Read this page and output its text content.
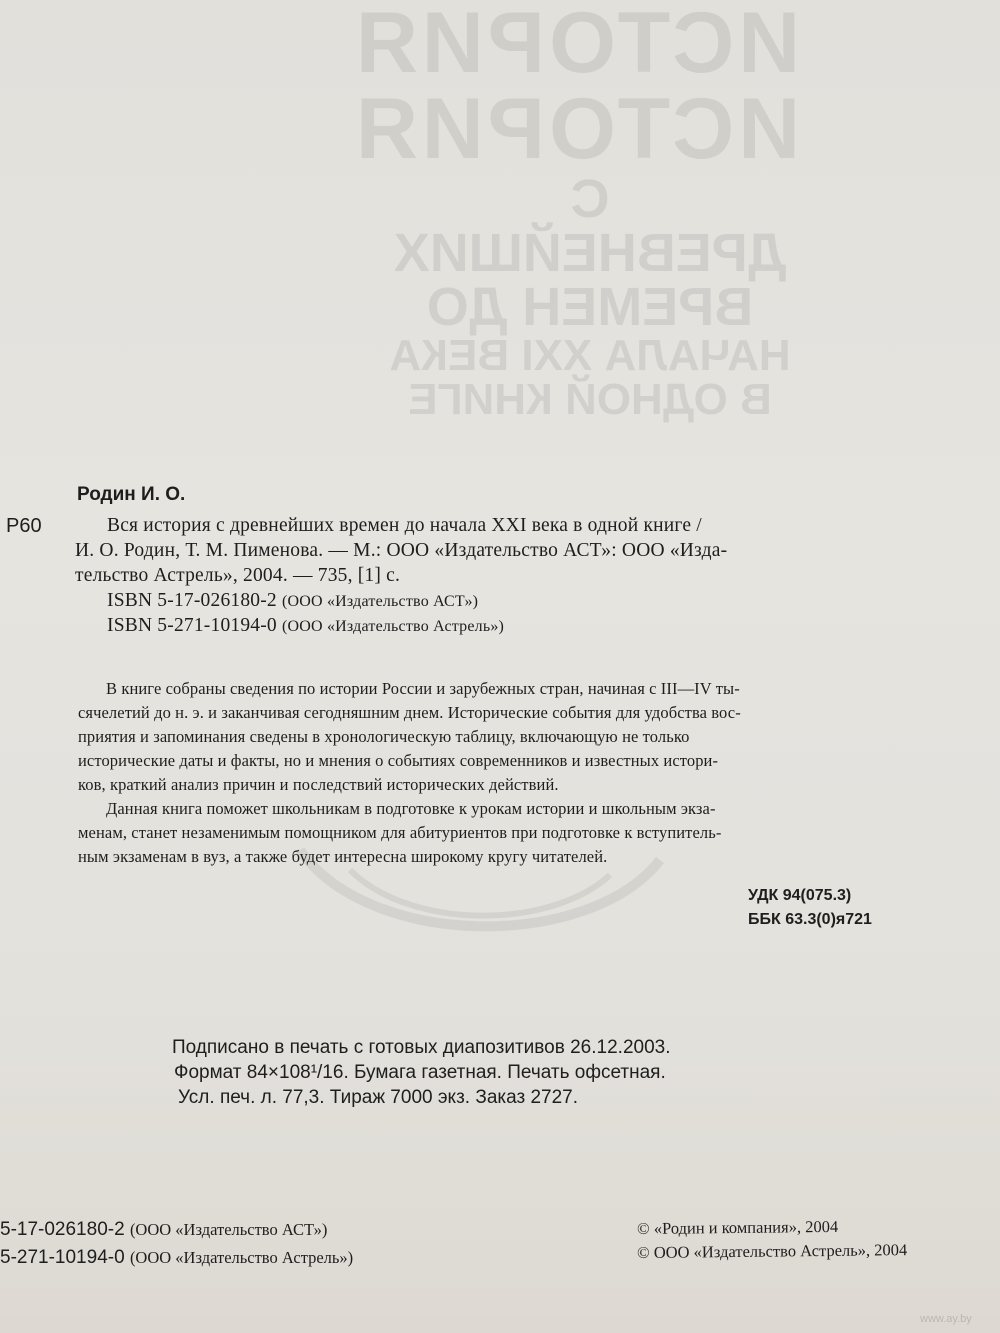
ИСТОРИЯ
ИСТОРИЯ
С ДРЕВНЕЙШИХ
ВРЕМЕН ДО
НАЧАЛА XXI ВЕКА
В ОДНОЙ КНИГЕ
Родин И. О.
Р60	Вся история с древнейших времен до начала XXI века в одной книге /
И. О. Родин, Т. М. Пименова. — М.: ООО «Издательство АСТ»: ООО «Изда-
тельство Астрель», 2004. — 735, [1] с.
ISBN 5-17-026180-2 (ООО «Издательство АСТ»)
ISBN 5-271-10194-0 (ООО «Издательство Астрель»)
В книге собраны сведения по истории России и зарубежных стран, начиная с III—IV ты-
сячелетий до н. э. и заканчивая сегодняшним днем. Исторические события для удобства вос-
приятия и запоминания сведены в хронологическую таблицу, включающую не только
исторические даты и факты, но и мнения о событиях современников и известных истори-
ков, краткий анализ причин и последствий исторических действий.
Данная книга поможет школьникам в подготовке к урокам истории и школьным экза-
менам, станет незаменимым помощником для абитуриентов при подготовке к вступитель-
ным экзаменам в вуз, а также будет интересна широкому кругу читателей.
УДК 94(075.3)
ББК 63.3(0)я721
Подписано в печать с готовых диапозитивов 26.12.2003.
Формат 84×108¹/16. Бумага газетная. Печать офсетная.
Усл. печ. л. 77,3. Тираж 7000 экз. Заказ 2727.
5-17-026180-2 (ООО «Издательство АСТ»)
5-271-10194-0 (ООО «Издательство Астрель»)
© «Родин и компания», 2004
© ООО «Издательство Астрель», 2004
www.ay.by
